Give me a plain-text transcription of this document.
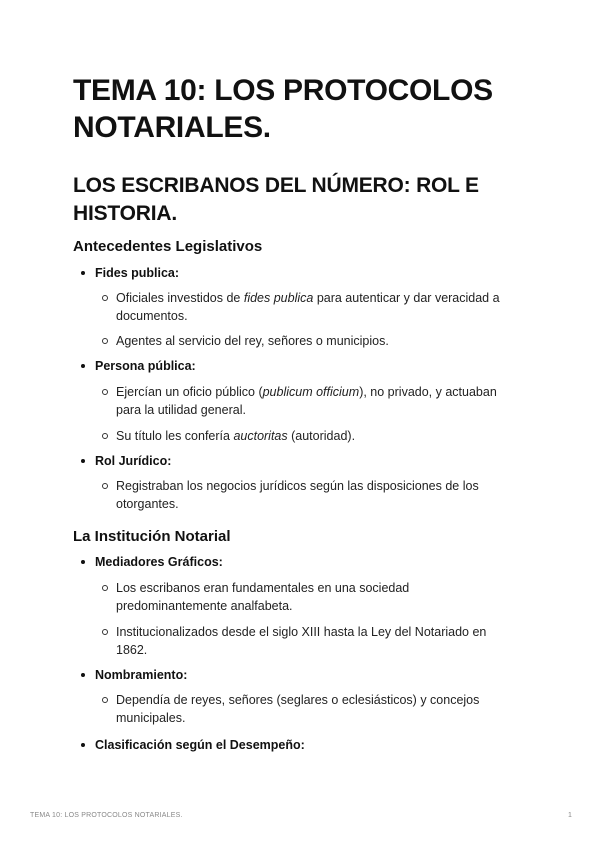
TEMA 10: LOS PROTOCOLOS NOTARIALES.
LOS ESCRIBANOS DEL NÚMERO: ROL E HISTORIA.
Antecedentes Legislativos
Fides publica:
Oficiales investidos de fides publica para autenticar y dar veracidad a documentos.
Agentes al servicio del rey, señores o municipios.
Persona pública:
Ejercían un oficio público (publicum officium), no privado, y actuaban para la utilidad general.
Su título les confería auctoritas (autoridad).
Rol Jurídico:
Registraban los negocios jurídicos según las disposiciones de los otorgantes.
La Institución Notarial
Mediadores Gráficos:
Los escribanos eran fundamentales en una sociedad predominantemente analfabeta.
Institucionalizados desde el siglo XIII hasta la Ley del Notariado en 1862.
Nombramiento:
Dependía de reyes, señores (seglares o eclesiásticos) y concejos municipales.
Clasificación según el Desempeño:
TEMA 10: LOS PROTOCOLOS NOTARIALES.	1
